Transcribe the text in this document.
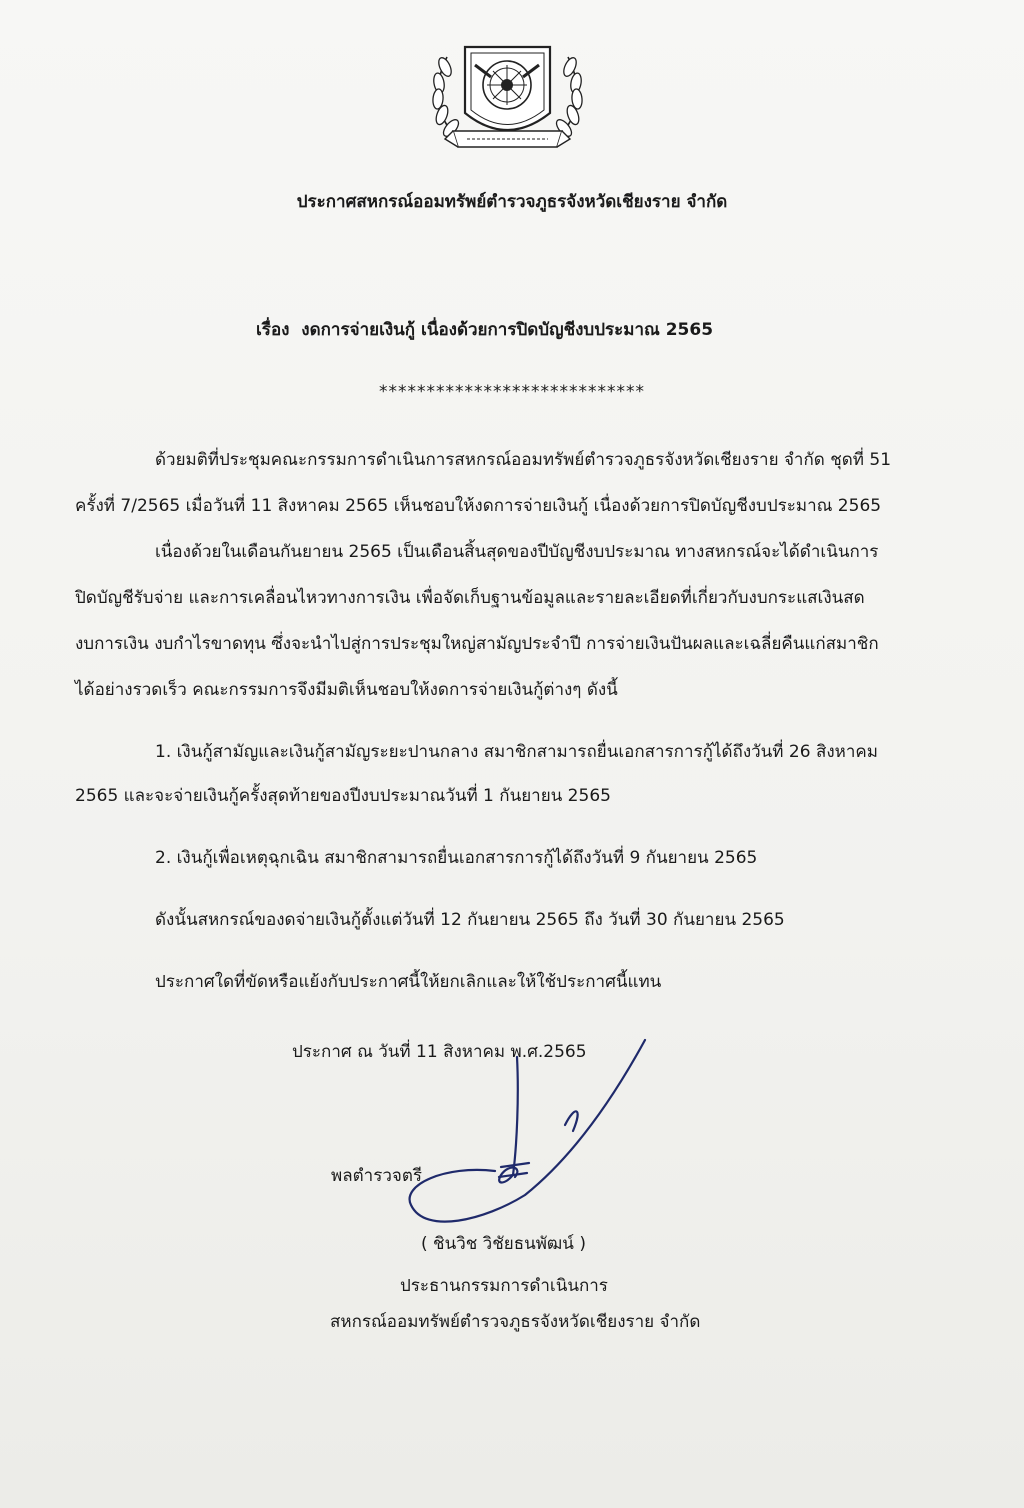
ประกาศสหกรณ์ออมทรัพย์ตำรวจภูธรจังหวัดเชียงราย จำกัด
เรื่อง งดการจ่ายเงินกู้ เนื่องด้วยการปิดบัญชีงบประมาณ 2565
****************************
ด้วยมติที่ประชุมคณะกรรมการดำเนินการสหกรณ์ออมทรัพย์ตำรวจภูธรจังหวัดเชียงราย จำกัด ชุดที่ 51
ครั้งที่ 7/2565 เมื่อวันที่ 11 สิงหาคม 2565 เห็นชอบให้งดการจ่ายเงินกู้ เนื่องด้วยการปิดบัญชีงบประมาณ 2565
เนื่องด้วยในเดือนกันยายน 2565 เป็นเดือนสิ้นสุดของปีบัญชีงบประมาณ ทางสหกรณ์จะได้ดำเนินการ
ปิดบัญชีรับจ่าย และการเคลื่อนไหวทางการเงิน เพื่อจัดเก็บฐานข้อมูลและรายละเอียดที่เกี่ยวกับงบกระแสเงินสด
งบการเงิน งบกำไรขาดทุน ซึ่งจะนำไปสู่การประชุมใหญ่สามัญประจำปี การจ่ายเงินปันผลและเฉลี่ยคืนแก่สมาชิก
ได้อย่างรวดเร็ว คณะกรรมการจึงมีมติเห็นชอบให้งดการจ่ายเงินกู้ต่างๆ ดังนี้
1. เงินกู้สามัญและเงินกู้สามัญระยะปานกลาง สมาชิกสามารถยื่นเอกสารการกู้ได้ถึงวันที่ 26 สิงหาคม
2565 และจะจ่ายเงินกู้ครั้งสุดท้ายของปีงบประมาณวันที่ 1 กันยายน 2565
2. เงินกู้เพื่อเหตุฉุกเฉิน สมาชิกสามารถยื่นเอกสารการกู้ได้ถึงวันที่ 9 กันยายน 2565
ดังนั้นสหกรณ์ของดจ่ายเงินกู้ตั้งแต่วันที่ 12 กันยายน 2565 ถึง วันที่ 30 กันยายน 2565
ประกาศใดที่ขัดหรือแย้งกับประกาศนี้ให้ยกเลิกและให้ใช้ประกาศนี้แทน
ประกาศ ณ วันที่ 11 สิงหาคม พ.ศ.2565
พลตำรวจตรี
( ชินวิช วิชัยธนพัฒน์ )
ประธานกรรมการดำเนินการ
สหกรณ์ออมทรัพย์ตำรวจภูธรจังหวัดเชียงราย จำกัด
